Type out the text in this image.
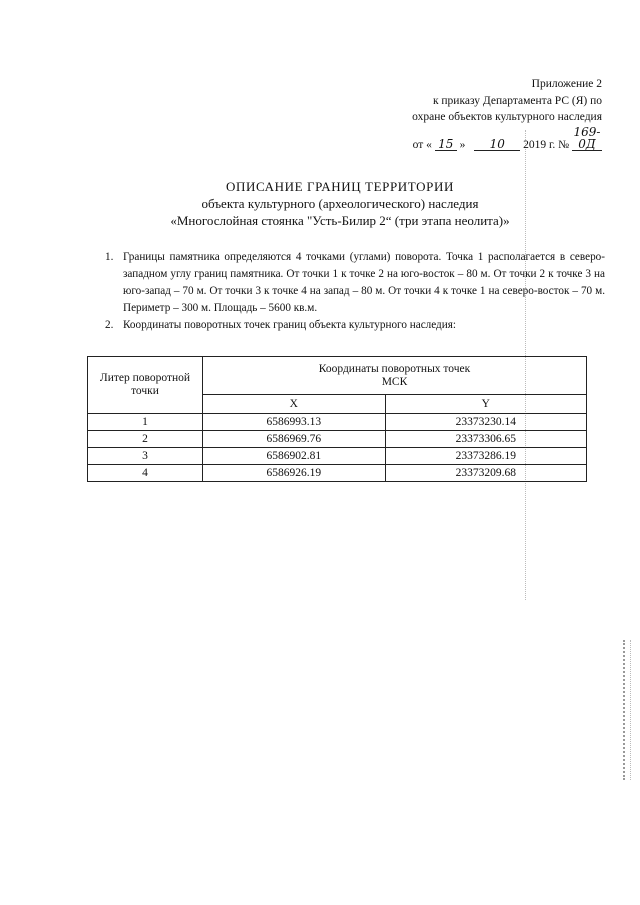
Приложение 2
к приказу Департамента РС (Я) по
охране объектов культурного наследия
от « 15 » 10 2019 г. № 169-0Д
ОПИСАНИЕ ГРАНИЦ ТЕРРИТОРИИ
объекта культурного (археологического) наследия
«Многослойная стоянка "Усть-Билир 2“ (три этапа неолита)»
1. Границы памятника определяются 4 точками (углами) поворота. Точка 1 располагается в северо-западном углу границ памятника. От точки 1 к точке 2 на юго-восток – 80 м. От точки 2 к точке 3 на юго-запад – 70 м. От точки 3 к точке 4 на запад – 80 м. От точки 4 к точке 1 на северо-восток – 70 м. Периметр – 300 м. Площадь – 5600 кв.м.
2. Координаты поворотных точек границ объекта культурного наследия:
Литер поворотной точки	Координаты поворотных точек
МСК	

	X	Y
1	6586993.13	23373230.14
2	6586969.76	23373306.65
3	6586902.81	23373286.19
4	6586926.19	23373209.68
